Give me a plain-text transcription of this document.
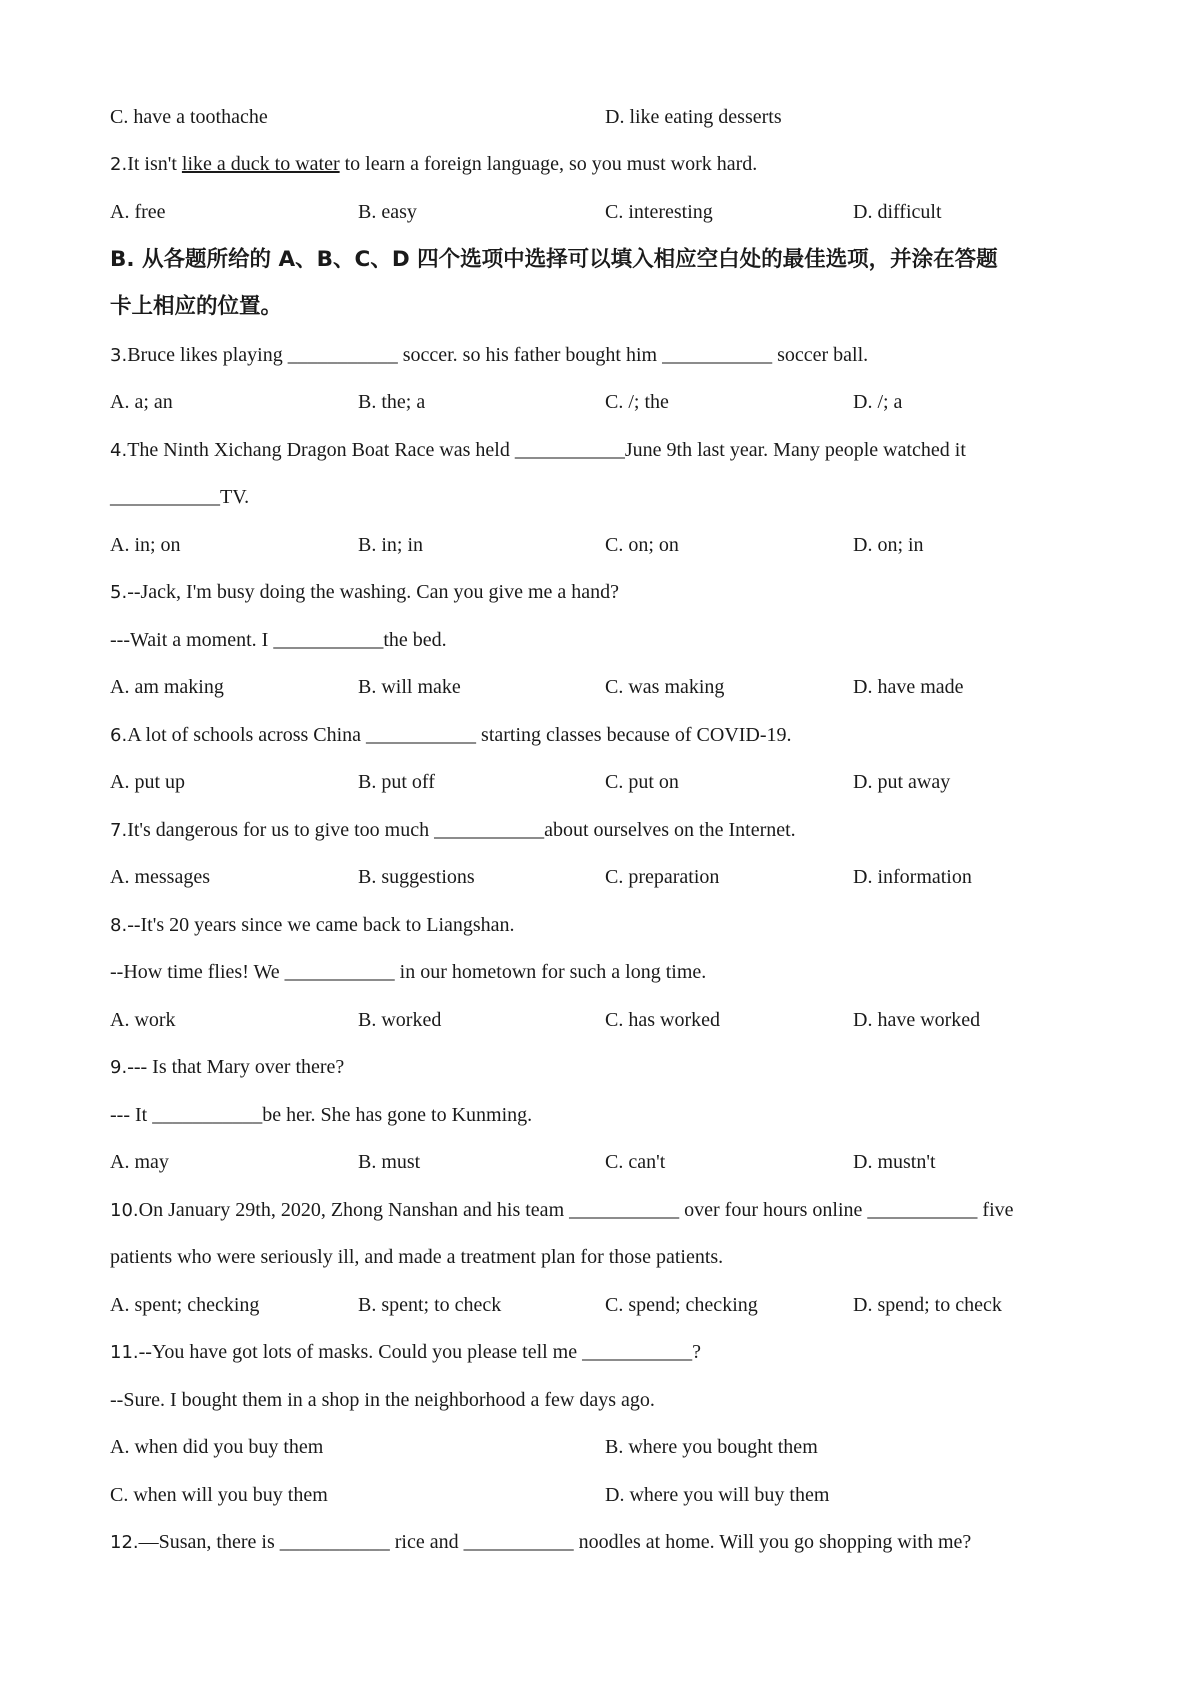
C. have a toothache	D. like eating desserts
2.It isn't like a duck to water to learn a foreign language, so you must work hard.
A. free	B. easy	C. interesting	D. difficult
B. 从各题所给的 A、B、C、D 四个选项中选择可以填入相应空白处的最佳选项，并涂在答题
卡上相应的位置。
3.Bruce likes playing ___________ soccer. so his father bought him ___________ soccer ball.
A. a; an	B. the; a	C. /; the	D. /; a
4.The Ninth Xichang Dragon Boat Race was held ___________June 9th last year. Many people watched it
___________TV.
A. in; on	B. in; in	C. on; on	D. on; in
5.--Jack, I'm busy doing the washing. Can you give me a hand?
---Wait a moment. I ___________the bed.
A. am making	B. will make	C. was making	D. have made
6.A lot of schools across China ___________ starting classes because of COVID-19.
A. put up	B. put off	C. put on	D. put away
7.It's dangerous for us to give too much ___________about ourselves on the Internet.
A. messages	B. suggestions	C. preparation	D. information
8.--It's 20 years since we came back to Liangshan.
--How time flies! We ___________ in our hometown for such a long time.
A. work	B. worked	C. has worked	D. have worked
9.--- Is that Mary over there?
--- It ___________be her. She has gone to Kunming.
A. may	B. must	C. can't	D. mustn't
10.On January 29th, 2020, Zhong Nanshan and his team ___________ over four hours online ___________ five
patients who were seriously ill, and made a treatment plan for those patients.
A. spent; checking	B. spent; to check	C. spend; checking	D. spend; to check
11.--You have got lots of masks. Could you please tell me ___________?
--Sure. I bought them in a shop in the neighborhood a few days ago.
A. when did you buy them	B. where you bought them
C. when will you buy them	D. where you will buy them
12.—Susan, there is ___________ rice and ___________ noodles at home. Will you go shopping with me?
